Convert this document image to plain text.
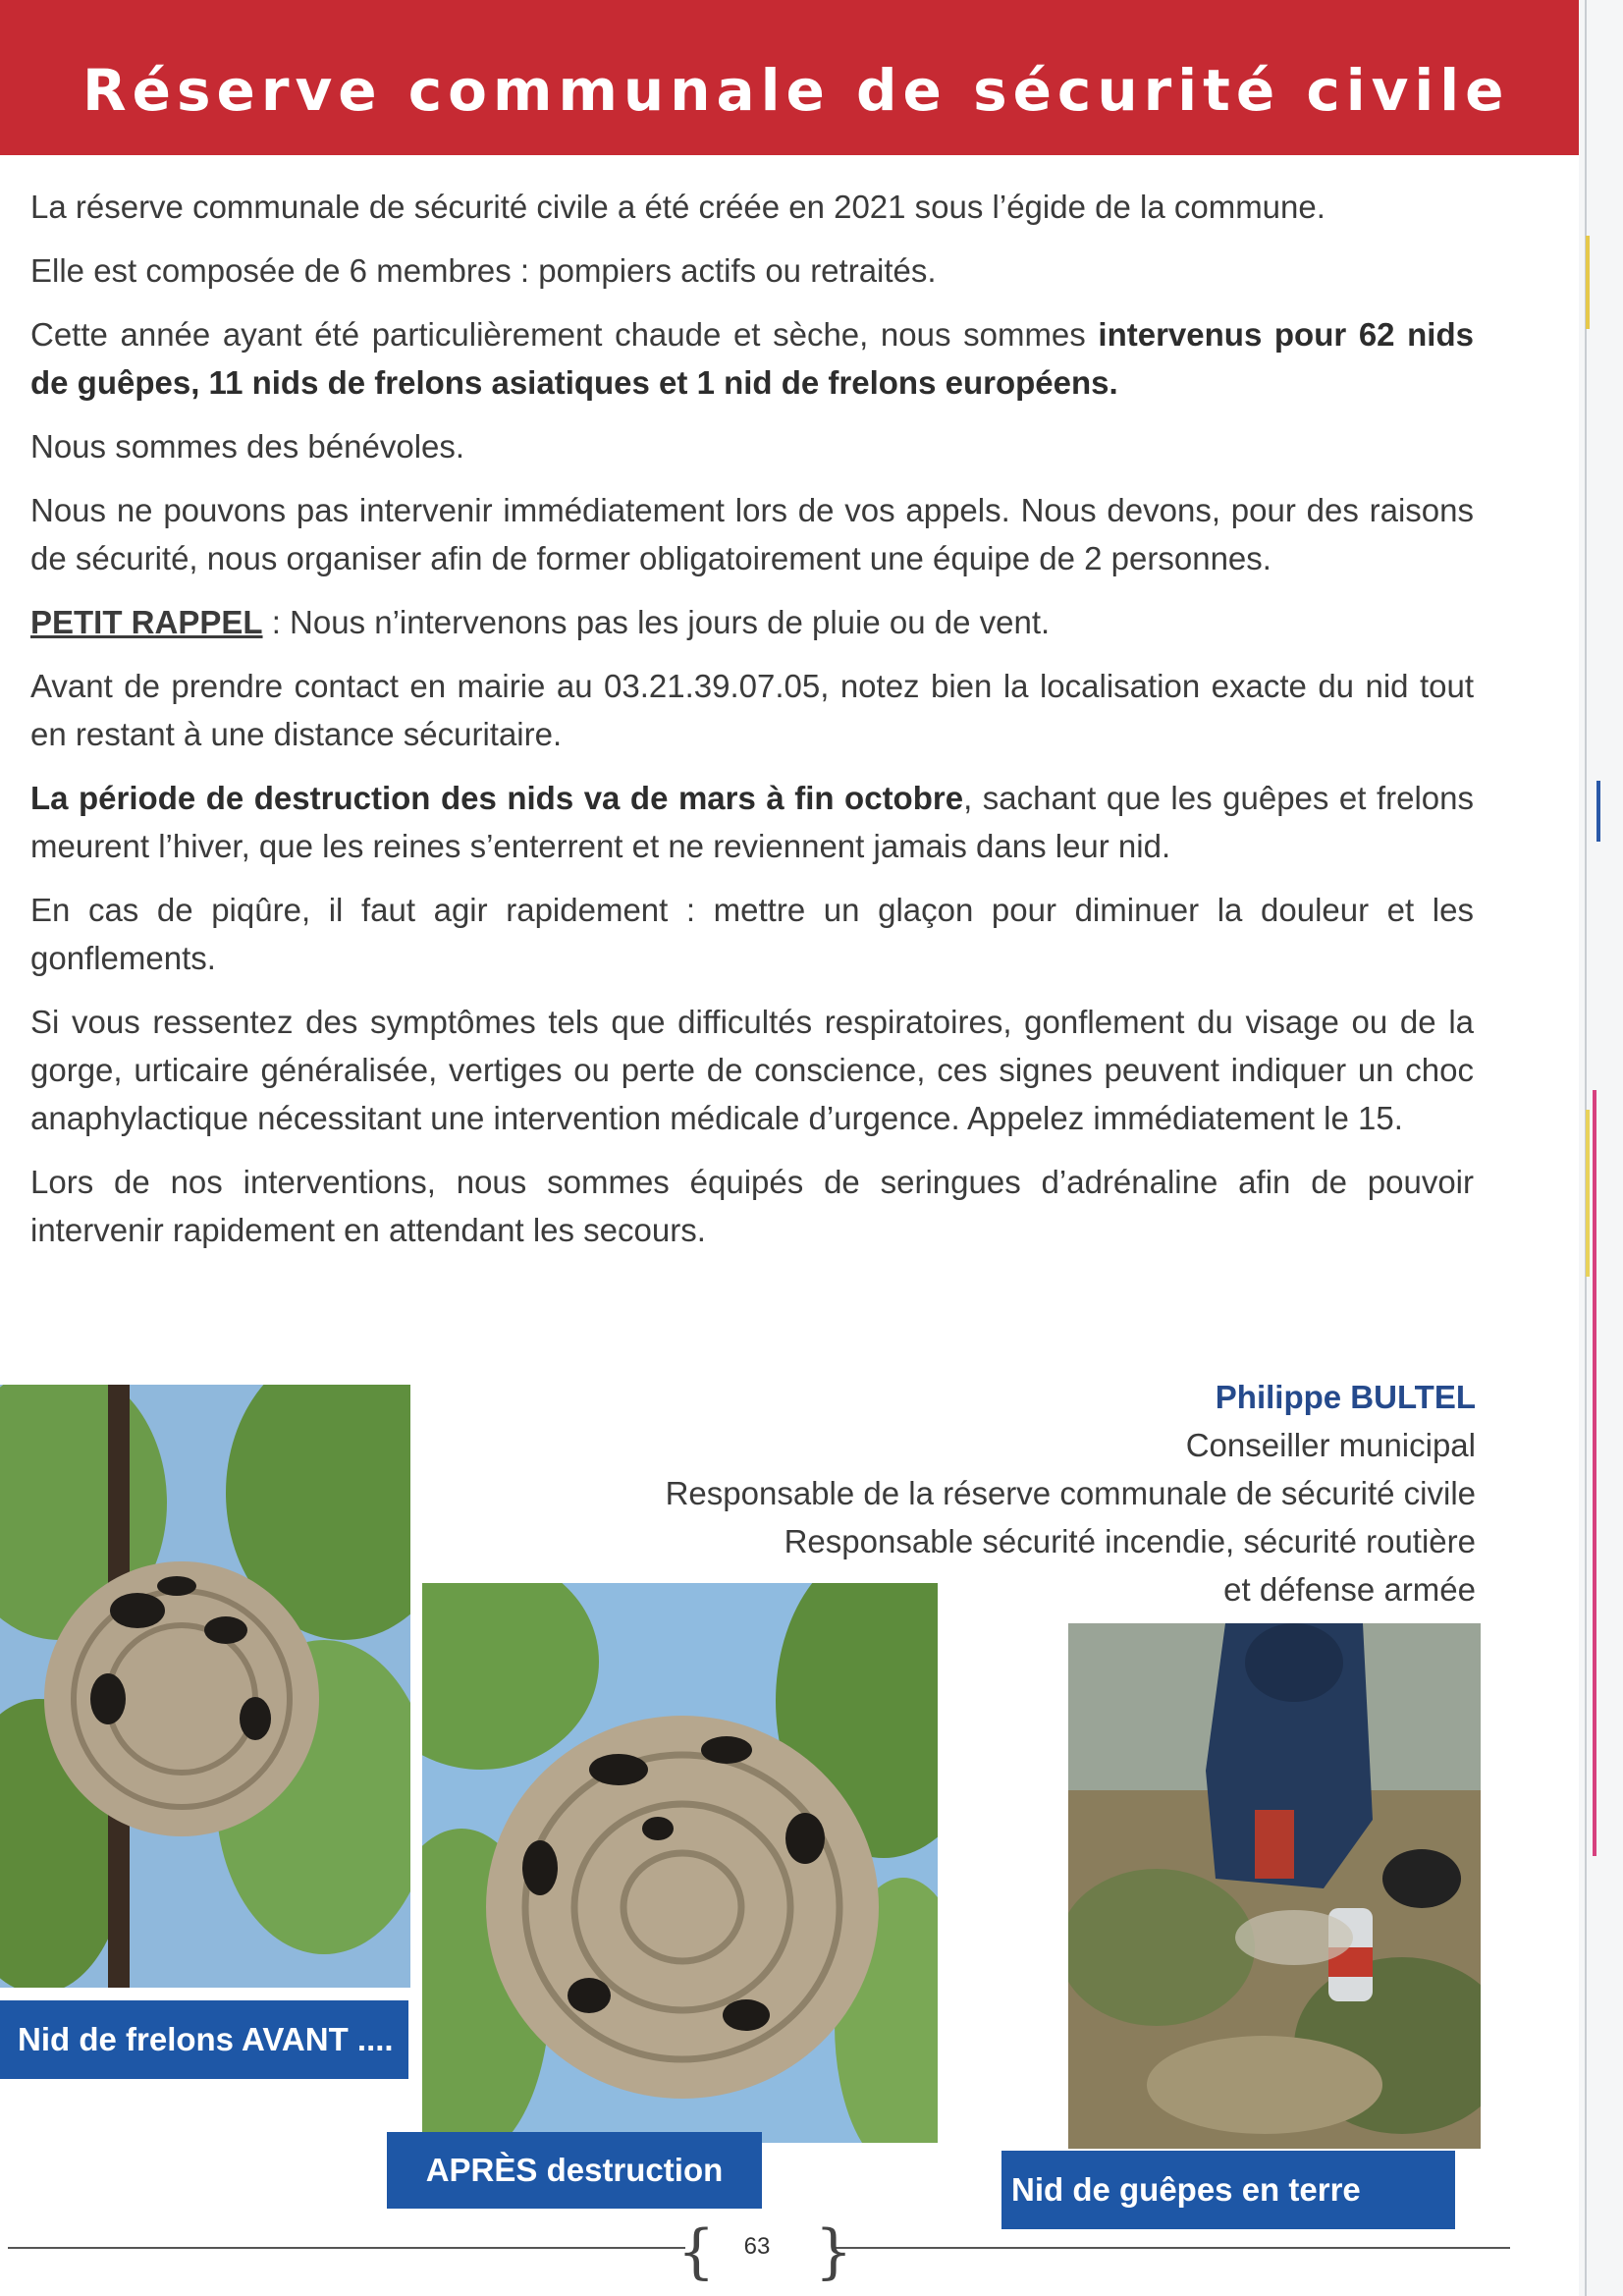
Réserve communale de sécurité civile

La réserve communale de sécurité civile a été créée en 2021 sous l’égide de la commune.

Elle est composée de 6 membres : pompiers actifs ou retraités.

Cette année ayant été particulièrement chaude et sèche, nous sommes intervenus pour 62 nids de guêpes, 11 nids de frelons asiatiques et 1 nid de frelons européens.

Nous sommes des bénévoles.

Nous ne pouvons pas intervenir immédiatement lors de vos appels. Nous devons, pour des raisons de sécurité, nous organiser afin de former obligatoirement une équipe de 2 personnes.

PETIT RAPPEL : Nous n’intervenons pas les jours de pluie ou de vent.

Avant de prendre contact en mairie au 03.21.39.07.05, notez bien la localisation exacte du nid tout en restant à une distance sécuritaire.

La période de destruction des nids va de mars à fin octobre, sachant que les guêpes et frelons meurent l’hiver, que les reines s’enterrent et ne reviennent jamais dans leur nid.

En cas de piqûre, il faut agir rapidement : mettre un glaçon pour diminuer la douleur et les gonflements.

Si vous ressentez des symptômes tels que difficultés respiratoires, gonflement du visage ou de la gorge, urticaire généralisée, vertiges ou perte de conscience, ces signes peuvent indiquer un choc anaphylactique nécessitant une intervention médicale d’urgence. Appelez immédiatement le 15.

Lors de nos interventions, nous sommes équipés de seringues d’adrénaline afin de pouvoir intervenir rapidement en attendant les secours.

Philippe BULTEL
Conseiller municipal
Responsable de la réserve communale de sécurité civile
Responsable sécurité incendie, sécurité routière
et défense armée
Nid de frelons AVANT ....
APRÈS destruction
Nid de guêpes en terre
{ }
63
